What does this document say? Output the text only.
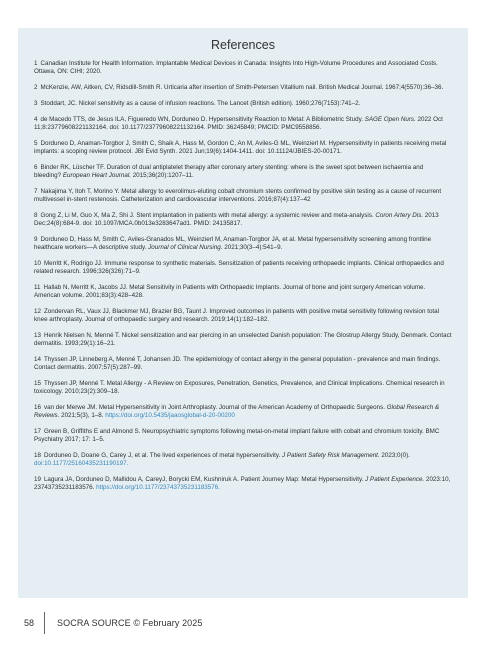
References
1 Canadian Institute for Health Information. Implantable Medical Devices in Canada: Insights Into High-Volume Procedures and Associated Costs. Ottawa, ON: CIHI; 2020.
2 McKenzie, AW, Aitken, CV, Ridsdill-Smith R. Urticaria after insertion of Smith-Petersen Vitallium nail. British Medical Journal. 1967;4(5570):36–36.
3 Stoddart, JC. Nickel sensitivity as a cause of infusion reactions. The Lancet (British edition). 1960;276(7153):741–2.
4 de Macedo TTS, de Jesus ILA, Figueredo WN, Dorduneo D. Hypersensitivity Reaction to Metal: A Bibliometric Study. SAGE Open Nurs. 2022 Oct 11;8:23779608221132164. doi: 10.1177/23779608221132164. PMID: 36245849; PMCID: PMC9558856.
5 Dorduneo D, Anaman-Torgbor J, Smith C, Shaik A, Hass M, Gordon C, An M, Aviles-G ML, Weinzierl M. Hypersensitivity in patients receiving metal implants: a scoping review protocol. JBI Evid Synth. 2021 Jun;19(6):1404-1411. doi: 10.11124/JBIES-20-00171.
6 Binder RK, Lüscher TF. Duration of dual antiplatelet therapy after coronary artery stenting: where is the sweet spot between ischaemia and bleeding? European Heart Journal. 2015;36(20):1207–11.
7 Nakajima Y, Itoh T, Morino Y. Metal allergy to everolimus-eluting cobalt chromium stents confirmed by positive skin testing as a cause of recurrent multivessel in-stent restenosis. Catheterization and cardiovascular interventions. 2016;87(4):137–42
8 Gong Z, Li M, Guo X, Ma Z, Shi J. Stent implantation in patients with metal allergy: a systemic review and meta-analysis. Coron Artery Dis. 2013 Dec;24(8):684-9. doi: 10.1097/MCA.0b013e3283647ad1. PMID: 24135817.
9 Dorduneo D, Hass M, Smith C, Aviles-Granados ML, Weinzierl M, Anaman-Torgbor JA, et al. Metal hypersensitivity screening among frontline healthcare workers—A descriptive study. Journal of Clinical Nursing. 2021;30(3–4):541–9.
10 Merritt K, Rodrigo JJ. Immune response to synthetic materials. Sensitization of patients receiving orthopaedic implants. Clinical orthopaedics and related research. 1996;326(326):71–9.
11 Hallab N, Merritt K, Jacobs JJ. Metal Sensitivity in Patients with Orthopaedic Implants. Journal of bone and joint surgery American volume. American volume. 2001;83(3):428–428.
12 Zondervan RL, Vaux JJ, Blackmer MJ, Brazier BG, Taunt J. Improved outcomes in patients with positive metal sensitivity following revision total knee arthroplasty. Journal of orthopaedic surgery and research. 2019;14(1):182–182.
13 Henrik Nielsen N, Menné T. Nickel sensitization and ear piercing in an unselected Danish population: The Glostrup Allergy Study, Denmark. Contact dermatitis. 1993;29(1):16–21.
14 Thyssen JP, Linneberg A, Menné T, Johansen JD. The epidemiology of contact allergy in the general population - prevalence and main findings. Contact dermatitis. 2007;57(5):287–99.
15 Thyssen JP, Menné T. Metal Allergy - A Review on Exposures, Penetration, Genetics, Prevalence, and Clinical Implications. Chemical research in toxicology. 2010;23(2):309–18.
16 van der Merwe JM. Metal Hypersensitivity in Joint Arthroplasty. Journal of the American Academy of Orthopaedic Surgeons. Global Research & Reviews. 2021;5(3), 1–8. https://doi.org/10.5435/jaaosglobal-d-20-00200
17 Green B, Griffiths E and Almond S. Neuropsychiatric symptoms following metal-on-metal implant failure with cobalt and chromium toxicity. BMC Psychiatry 2017; 17: 1–5.
18 Dorduneo D, Doane G, Carey J, et al. The lived experiences of metal hypersensitivity. J Patient Safety Risk Management. 2023;0(0). doi:10.1177/25160435231190197.
19 Lagura JA, Dorduneo D, Mallidou A, CareyJ, Borycki EM, Kushniruk A. Patient Journey Map: Metal Hypersensitivity. J Patient Experience. 2023:10, 23743735231183576. https://doi.org/10.1177/23743735231183576.
58	SOCRA SOURCE © February 2025
